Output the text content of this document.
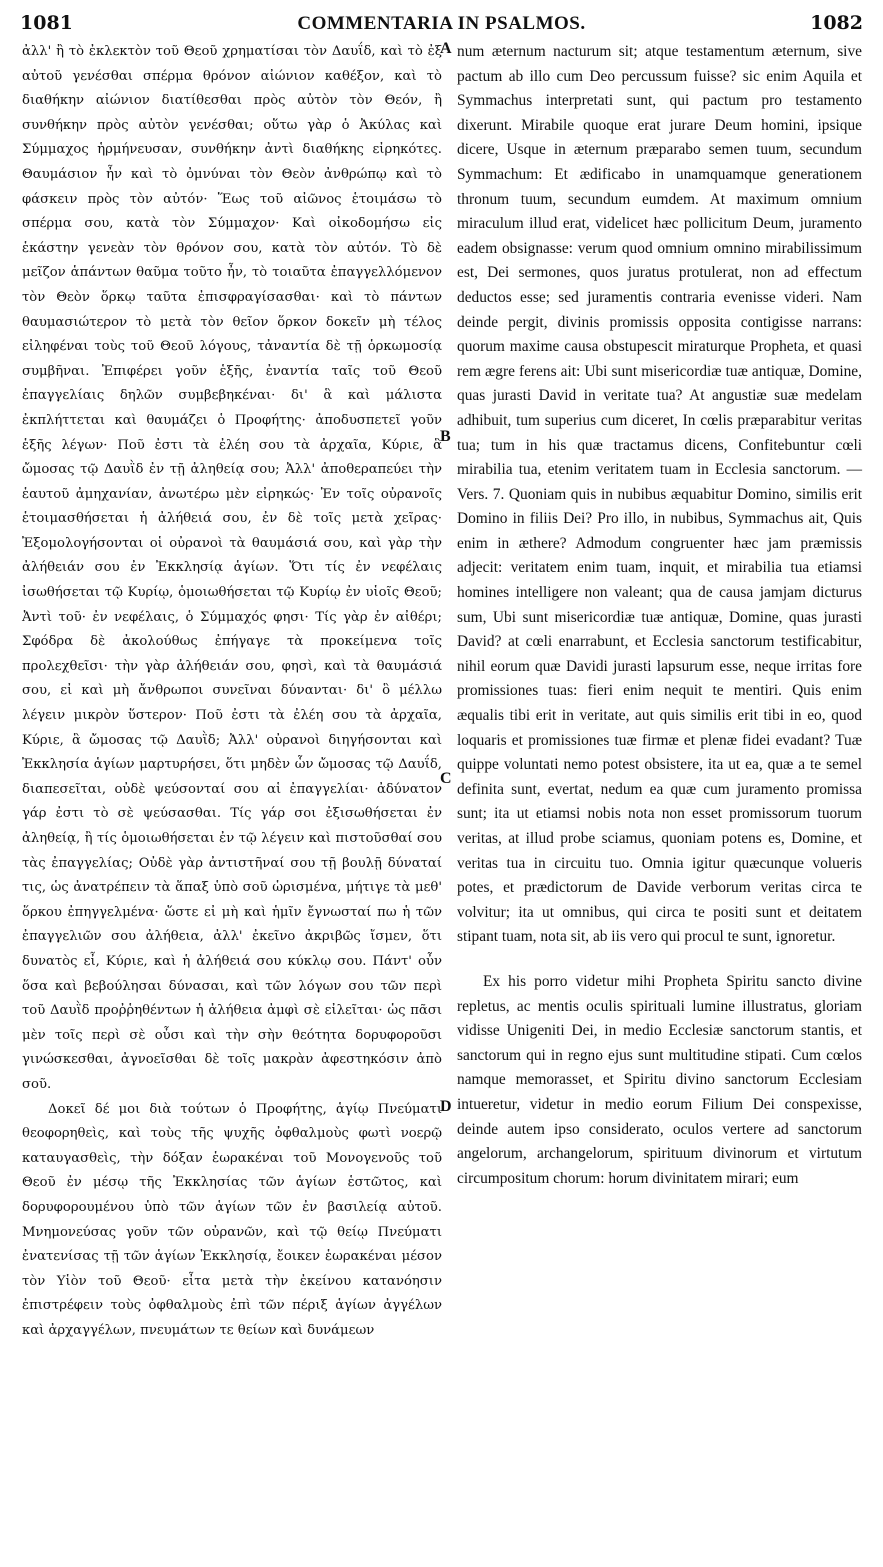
1081	COMMENTARIA IN PSALMOS.	1082

ἀλλ' ἢ τὸ ἐκλεκτὸν τοῦ Θεοῦ χρηματίσαι τὸν Δαυΐδ, καὶ τὸ ἐξ αὐτοῦ γενέσθαι σπέρμα θρόνον αἰώνιον καθέξον, καὶ τὸ διαθήκην αἰώνιον διατίθεσθαι πρὸς αὐτὸν τὸν Θεόν, ἢ συνθήκην πρὸς αὐτὸν γενέσθαι; οὕτω γὰρ ὁ Ἀκύλας καὶ Σύμμαχος ἡρμήνευσαν, συνθήκην ἀντὶ διαθήκης εἰρηκότες. Θαυμάσιον ἦν καὶ τὸ ὀμνύναι τὸν Θεὸν ἀνθρώπῳ καὶ τὸ φάσκειν πρὸς τὸν αὐτόν· Ἕως τοῦ αἰῶνος ἑτοιμάσω τὸ σπέρμα σου, κατὰ τὸν Σύμμαχον· Καὶ οἰκοδομήσω εἰς ἑκάστην γενεὰν τὸν θρόνον σου, κατὰ τὸν αὐτόν. Τὸ δὲ μεῖζον ἁπάντων θαῦμα τοῦτο ἦν, τὸ τοιαῦτα ἐπαγγελλόμενον τὸν Θεὸν ὅρκῳ ταῦτα ἐπισφραγίσασθαι· καὶ τὸ πάντων θαυμασιώτερον τὸ μετὰ τὸν θεῖον ὅρκον δοκεῖν μὴ τέλος εἰληφέναι τοὺς τοῦ Θεοῦ λόγους, τἀναντία δὲ τῇ ὁρκωμοσίᾳ συμβῆναι. Ἐπιφέρει γοῦν ἑξῆς, ἐναντία ταῖς τοῦ Θεοῦ ἐπαγγελίαις δηλῶν συμβεβηκέναι· δι' ἃ καὶ μάλιστα ἐκπλήττεται καὶ θαυμάζει ὁ Προφήτης· ἀποδυσπετεῖ γοῦν ἑξῆς λέγων· Ποῦ ἐστι τὰ ἐλέη σου τὰ ἀρχαῖα, Κύριε, ἃ ὤμοσας τῷ Δαυῒδ ἐν τῇ ἀληθείᾳ σου; Ἀλλ' ἀποθεραπεύει τὴν ἑαυτοῦ ἀμηχανίαν, ἀνωτέρω μὲν εἰρηκώς· Ἐν τοῖς οὐρανοῖς ἑτοιμασθήσεται ἡ ἀλήθειά σου, ἐν δὲ τοῖς μετὰ χεῖρας· Ἐξομολογήσονται οἱ οὐρανοὶ τὰ θαυμάσιά σου, καὶ γὰρ τὴν ἀλήθειάν σου ἐν Ἐκκλησίᾳ ἁγίων. Ὅτι τίς ἐν νεφέλαις ἰσωθήσεται τῷ Κυρίῳ, ὁμοιωθήσεται τῷ Κυρίῳ ἐν υἱοῖς Θεοῦ; Ἀντὶ τοῦ· ἐν νεφέλαις, ὁ Σύμμαχός φησι· Τίς γὰρ ἐν αἰθέρι; Σφόδρα δὲ ἀκολούθως ἐπήγαγε τὰ προκείμενα τοῖς προλεχθεῖσι· τὴν γὰρ ἀλήθειάν σου, φησὶ, καὶ τὰ θαυμάσιά σου, εἰ καὶ μὴ ἄνθρωποι συνεῖναι δύνανται· δι' ὃ μέλλω λέγειν μικρὸν ὕστερον· Ποῦ ἐστι τὰ ἐλέη σου τὰ ἀρχαῖα, Κύριε, ἃ ὤμοσας τῷ Δαυῒδ; Ἀλλ' οὐρανοὶ διηγήσονται καὶ Ἐκκλησία ἁγίων μαρτυρήσει, ὅτι μηδὲν ὧν ὤμοσας τῷ Δαυΐδ, διαπεσεῖται, οὐδὲ ψεύσονταί σου αἱ ἐπαγγελίαι· ἀδύνατον γάρ ἐστι τὸ σὲ ψεύσασθαι. Τίς γάρ σοι ἐξισωθήσεται ἐν ἀληθείᾳ, ἢ τίς ὁμοιωθήσεται ἐν τῷ λέγειν καὶ πιστοῦσθαί σου τὰς ἐπαγγελίας; Οὐδὲ γὰρ ἀντιστῆναί σου τῇ βουλῇ δύναταί τις, ὡς ἀνατρέπειν τὰ ἅπαξ ὑπὸ σοῦ ὡρισμένα, μήτιγε τὰ μεθ' ὅρκου ἐπηγγελμένα· ὥστε εἰ μὴ καὶ ἡμῖν ἔγνωσταί πω ἡ τῶν ἐπαγγελιῶν σου ἀλήθεια, ἀλλ' ἐκεῖνο ἀκριβῶς ἴσμεν, ὅτι δυνατὸς εἶ, Κύριε, καὶ ἡ ἀλήθειά σου κύκλῳ σου. Πάντ' οὖν ὅσα καὶ βεβούλησαι δύνασαι, καὶ τῶν λόγων σου τῶν περὶ τοῦ Δαυῒδ προῤῥηθέντων ἡ ἀλήθεια ἀμφὶ σὲ εἰλεῖται· ὡς πᾶσι μὲν τοῖς περὶ σὲ οὖσι καὶ τὴν σὴν θεότητα δορυφοροῦσι γινώσκεσθαι, ἀγνοεῖσθαι δὲ τοῖς μακρὰν ἀφεστηκόσιν ἀπὸ σοῦ.

Δοκεῖ δέ μοι διὰ τούτων ὁ Προφήτης, ἁγίῳ Πνεύματι θεοφορηθεὶς, καὶ τοὺς τῆς ψυχῆς ὀφθαλμοὺς φωτὶ νοερῷ καταυγασθεὶς, τὴν δόξαν ἑωρακέναι τοῦ Μονογενοῦς τοῦ Θεοῦ ἐν μέσῳ τῆς Ἐκκλησίας τῶν ἁγίων ἑστῶτος, καὶ δορυφορουμένου ὑπὸ τῶν ἁγίων τῶν ἐν βασιλείᾳ αὐτοῦ. Μνημονεύσας γοῦν τῶν οὐρανῶν, καὶ τῷ θείῳ Πνεύματι ἐνατενίσας τῇ τῶν ἁγίων Ἐκκλησίᾳ, ἔοικεν ἑωρακέναι μέσον τὸν Υἱὸν τοῦ Θεοῦ· εἶτα μετὰ τὴν ἐκείνου κατανόησιν ἐπιστρέφειν τοὺς ὀφθαλμοὺς ἐπὶ τῶν πέριξ ἁγίων ἀγγέλων καὶ ἀρχαγγέλων, πνευμάτων τε θείων καὶ δυνάμεων

A
B
C
D

num æternum nacturum sit; atque testamentum æternum, sive pactum ab illo cum Deo percussum fuisse? sic enim Aquila et Symmachus interpretati sunt, qui pactum pro testamento dixerunt. Mirabile quoque erat jurare Deum homini, ipsique dicere, Usque in æternum præparabo semen tuum, secundum Symmachum: Et ædificabo in unamquamque generationem thronum tuum, secundum eumdem. At maximum omnium miraculum illud erat, videlicet hæc pollicitum Deum, juramento eadem obsignasse: verum quod omnium omnino mirabilissimum est, Dei sermones, quos juratus protulerat, non ad effectum deductos esse; sed juramentis contraria evenisse videri. Nam deinde pergit, divinis promissis opposita contigisse narrans: quorum maxime causa obstupescit miraturque Propheta, et quasi rem ægre ferens ait: Ubi sunt misericordiæ tuæ antiquæ, Domine, quas jurasti David in veritate tua? At angustiæ suæ medelam adhibuit, tum superius cum diceret, In cœlis præparabitur veritas tua; tum in his quæ tractamus dicens, Confitebuntur cœli mirabilia tua, etenim veritatem tuam in Ecclesia sanctorum. — Vers. 7. Quoniam quis in nubibus æquabitur Domino, similis erit Domino in filiis Dei? Pro illo, in nubibus, Symmachus ait, Quis enim in æthere? Admodum congruenter hæc jam præmissis adjecit: veritatem enim tuam, inquit, et mirabilia tua etiamsi homines intelligere non valeant; qua de causa jamjam dicturus sum, Ubi sunt misericordiæ tuæ antiquæ, Domine, quas jurasti David? at cœli enarrabunt, et Ecclesia sanctorum testificabitur, nihil eorum quæ Davidi jurasti lapsurum esse, neque irritas fore promissiones tuas: fieri enim nequit te mentiri. Quis enim æqualis tibi erit in veritate, aut quis similis erit tibi in eo, quod loquaris et promissiones tuæ firmæ et plenæ fidei evadant? Tuæ quippe voluntati nemo potest obsistere, ita ut ea, quæ a te semel definita sunt, evertat, nedum ea quæ cum juramento promissa sunt; ita ut etiamsi nobis nota non esset promissorum tuorum veritas, at illud probe sciamus, quoniam potens es, Domine, et veritas tua in circuitu tuo. Omnia igitur quæcunque volueris potes, et prædictorum de Davide verborum veritas circa te volvitur; ita ut omnibus, qui circa te positi sunt et deitatem stipant tuam, nota sit, ab iis vero qui procul te sunt, ignoretur.

Ex his porro videtur mihi Propheta Spiritu sancto divine repletus, ac mentis oculis spirituali lumine illustratus, gloriam vidisse Unigeniti Dei, in medio Ecclesiæ sanctorum stantis, et sanctorum qui in regno ejus sunt multitudine stipati. Cum cœlos namque memorasset, et Spiritu divino sanctorum Ecclesiam intueretur, videtur in medio eorum Filium Dei conspexisse, deinde autem ipso considerato, oculos vertere ad sanctorum angelorum, archangelorum, spirituum divinorum et virtutum circumpositum chorum: horum divinitatem mirari; eum
